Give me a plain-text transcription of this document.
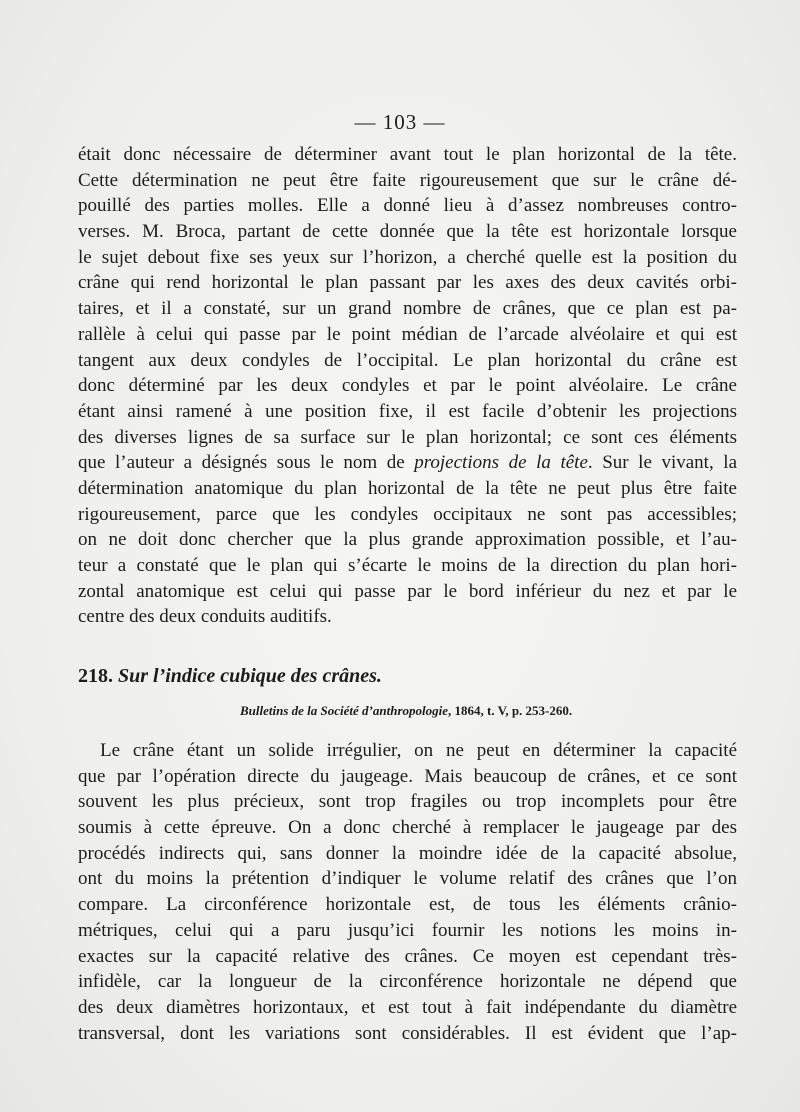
— 103 —
était donc nécessaire de déterminer avant tout le plan horizontal de la tête.
Cette détermination ne peut être faite rigoureusement que sur le crâne dé-
pouillé des parties molles. Elle a donné lieu à d’assez nombreuses contro-
verses. M. Broca, partant de cette donnée que la tête est horizontale lorsque
le sujet debout fixe ses yeux sur l’horizon, a cherché quelle est la position du
crâne qui rend horizontal le plan passant par les axes des deux cavités orbi-
taires, et il a constaté, sur un grand nombre de crânes, que ce plan est pa-
rallèle à celui qui passe par le point médian de l’arcade alvéolaire et qui est
tangent aux deux condyles de l’occipital. Le plan horizontal du crâne est
donc déterminé par les deux condyles et par le point alvéolaire. Le crâne
étant ainsi ramené à une position fixe, il est facile d’obtenir les projections
des diverses lignes de sa surface sur le plan horizontal; ce sont ces éléments
que l’auteur a désignés sous le nom de projections de la tête. Sur le vivant, la
détermination anatomique du plan horizontal de la tête ne peut plus être faite
rigoureusement, parce que les condyles occipitaux ne sont pas accessibles;
on ne doit donc chercher que la plus grande approximation possible, et l’au-
teur a constaté que le plan qui s’écarte le moins de la direction du plan hori-
zontal anatomique est celui qui passe par le bord inférieur du nez et par le
centre des deux conduits auditifs.
218. Sur l’indice cubique des crânes.
Bulletins de la Société d’anthropologie, 1864, t. V, p. 253-260.
Le crâne étant un solide irrégulier, on ne peut en déterminer la capacité
que par l’opération directe du jaugeage. Mais beaucoup de crânes, et ce sont
souvent les plus précieux, sont trop fragiles ou trop incomplets pour être
soumis à cette épreuve. On a donc cherché à remplacer le jaugeage par des
procédés indirects qui, sans donner la moindre idée de la capacité absolue,
ont du moins la prétention d’indiquer le volume relatif des crânes que l’on
compare. La circonférence horizontale est, de tous les éléments crânio-
métriques, celui qui a paru jusqu’ici fournir les notions les moins in-
exactes sur la capacité relative des crânes. Ce moyen est cependant très-
infidèle, car la longueur de la circonférence horizontale ne dépend que
des deux diamètres horizontaux, et est tout à fait indépendante du diamètre
transversal, dont les variations sont considérables. Il est évident que l’ap-
